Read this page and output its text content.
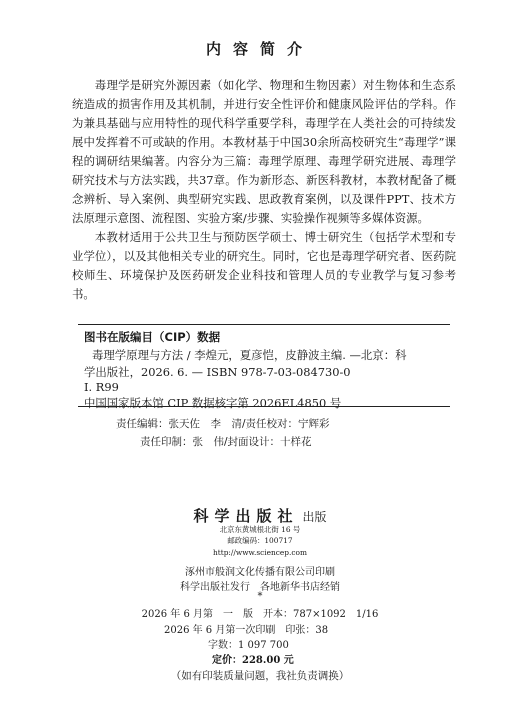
内容简介

毒理学是研究外源因素（如化学、物理和生物因素）对生物体和生态系统造成的损害作用及其机制，并进行安全性评价和健康风险评估的学科。作为兼具基础与应用特性的现代科学重要学科，毒理学在人类社会的可持续发展中发挥着不可或缺的作用。本教材基于中国30余所高校研究生“毒理学”课程的调研结果编著。内容分为三篇：毒理学原理、毒理学研究进展、毒理学研究技术与方法实践，共37章。作为新形态、新医科教材，本教材配备了概念辨析、导入案例、典型研究实践、思政教育案例，以及课件PPT、技术方法原理示意图、流程图、实验方案/步骤、实验操作视频等多媒体资源。

本教材适用于公共卫生与预防医学硕士、博士研究生（包括学术型和专业学位），以及其他相关专业的研究生。同时，它也是毒理学研究者、医药院校师生、环境保护及医药研发企业科技和管理人员的专业教学与复习参考书。

图书在版编目（CIP）数据
毒理学原理与方法 / 李煌元，夏彦恺，皮静波主编. —北京：科
学出版社，2026. 6. — ISBN 978-7-03-084730-0
Ⅰ. R99
中国国家版本馆 CIP 数据核字第 2026EL4850 号
责任编辑：张天佐　李　清/责任校对：宁辉彩
责任印制：张　伟/封面设计：十样花
科学出版社 出版
北京东黄城根北街 16 号
邮政编码：100717
http://www.sciencep.com
涿州市般润文化传播有限公司印刷
科学出版社发行　各地新华书店经销
*
2026 年 6 月第　一　版　开本：787×1092　1/16
2026 年 6 月第一次印刷　印张：38
字数：1 097 700
定价：228.00 元
（如有印装质量问题，我社负责调换）
